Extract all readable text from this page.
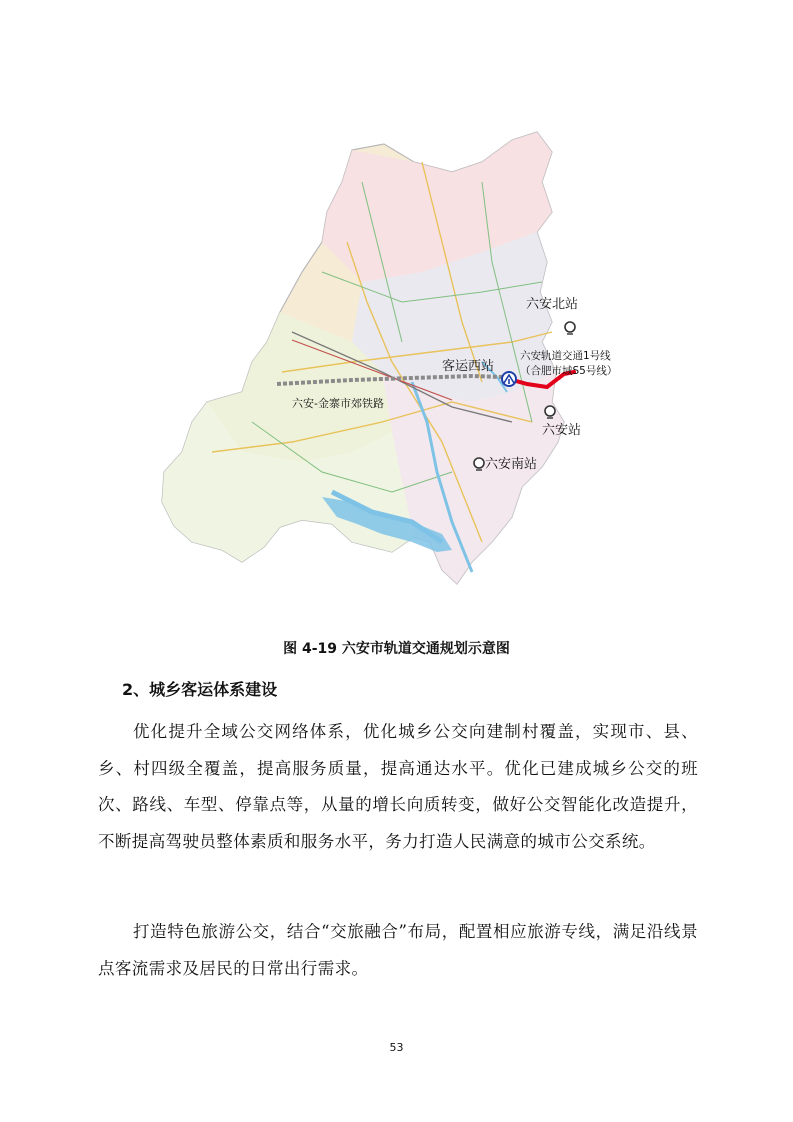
六安北站
客运西站
六安轨道交通1号线
（合肥市域S5号线）
六安-金寨市郊铁路
六安站
六安南站
图 4-19 六安市轨道交通规划示意图
2、城乡客运体系建设
优化提升全域公交网络体系，优化城乡公交向建制村覆盖，实现市、县、乡、村四级全覆盖，提高服务质量，提高通达水平。优化已建成城乡公交的班次、路线、车型、停靠点等，从量的增长向质转变，做好公交智能化改造提升，不断提高驾驶员整体素质和服务水平，务力打造人民满意的城市公交系统。
打造特色旅游公交，结合“交旅融合”布局，配置相应旅游专线，满足沿线景点客流需求及居民的日常出行需求。
53
